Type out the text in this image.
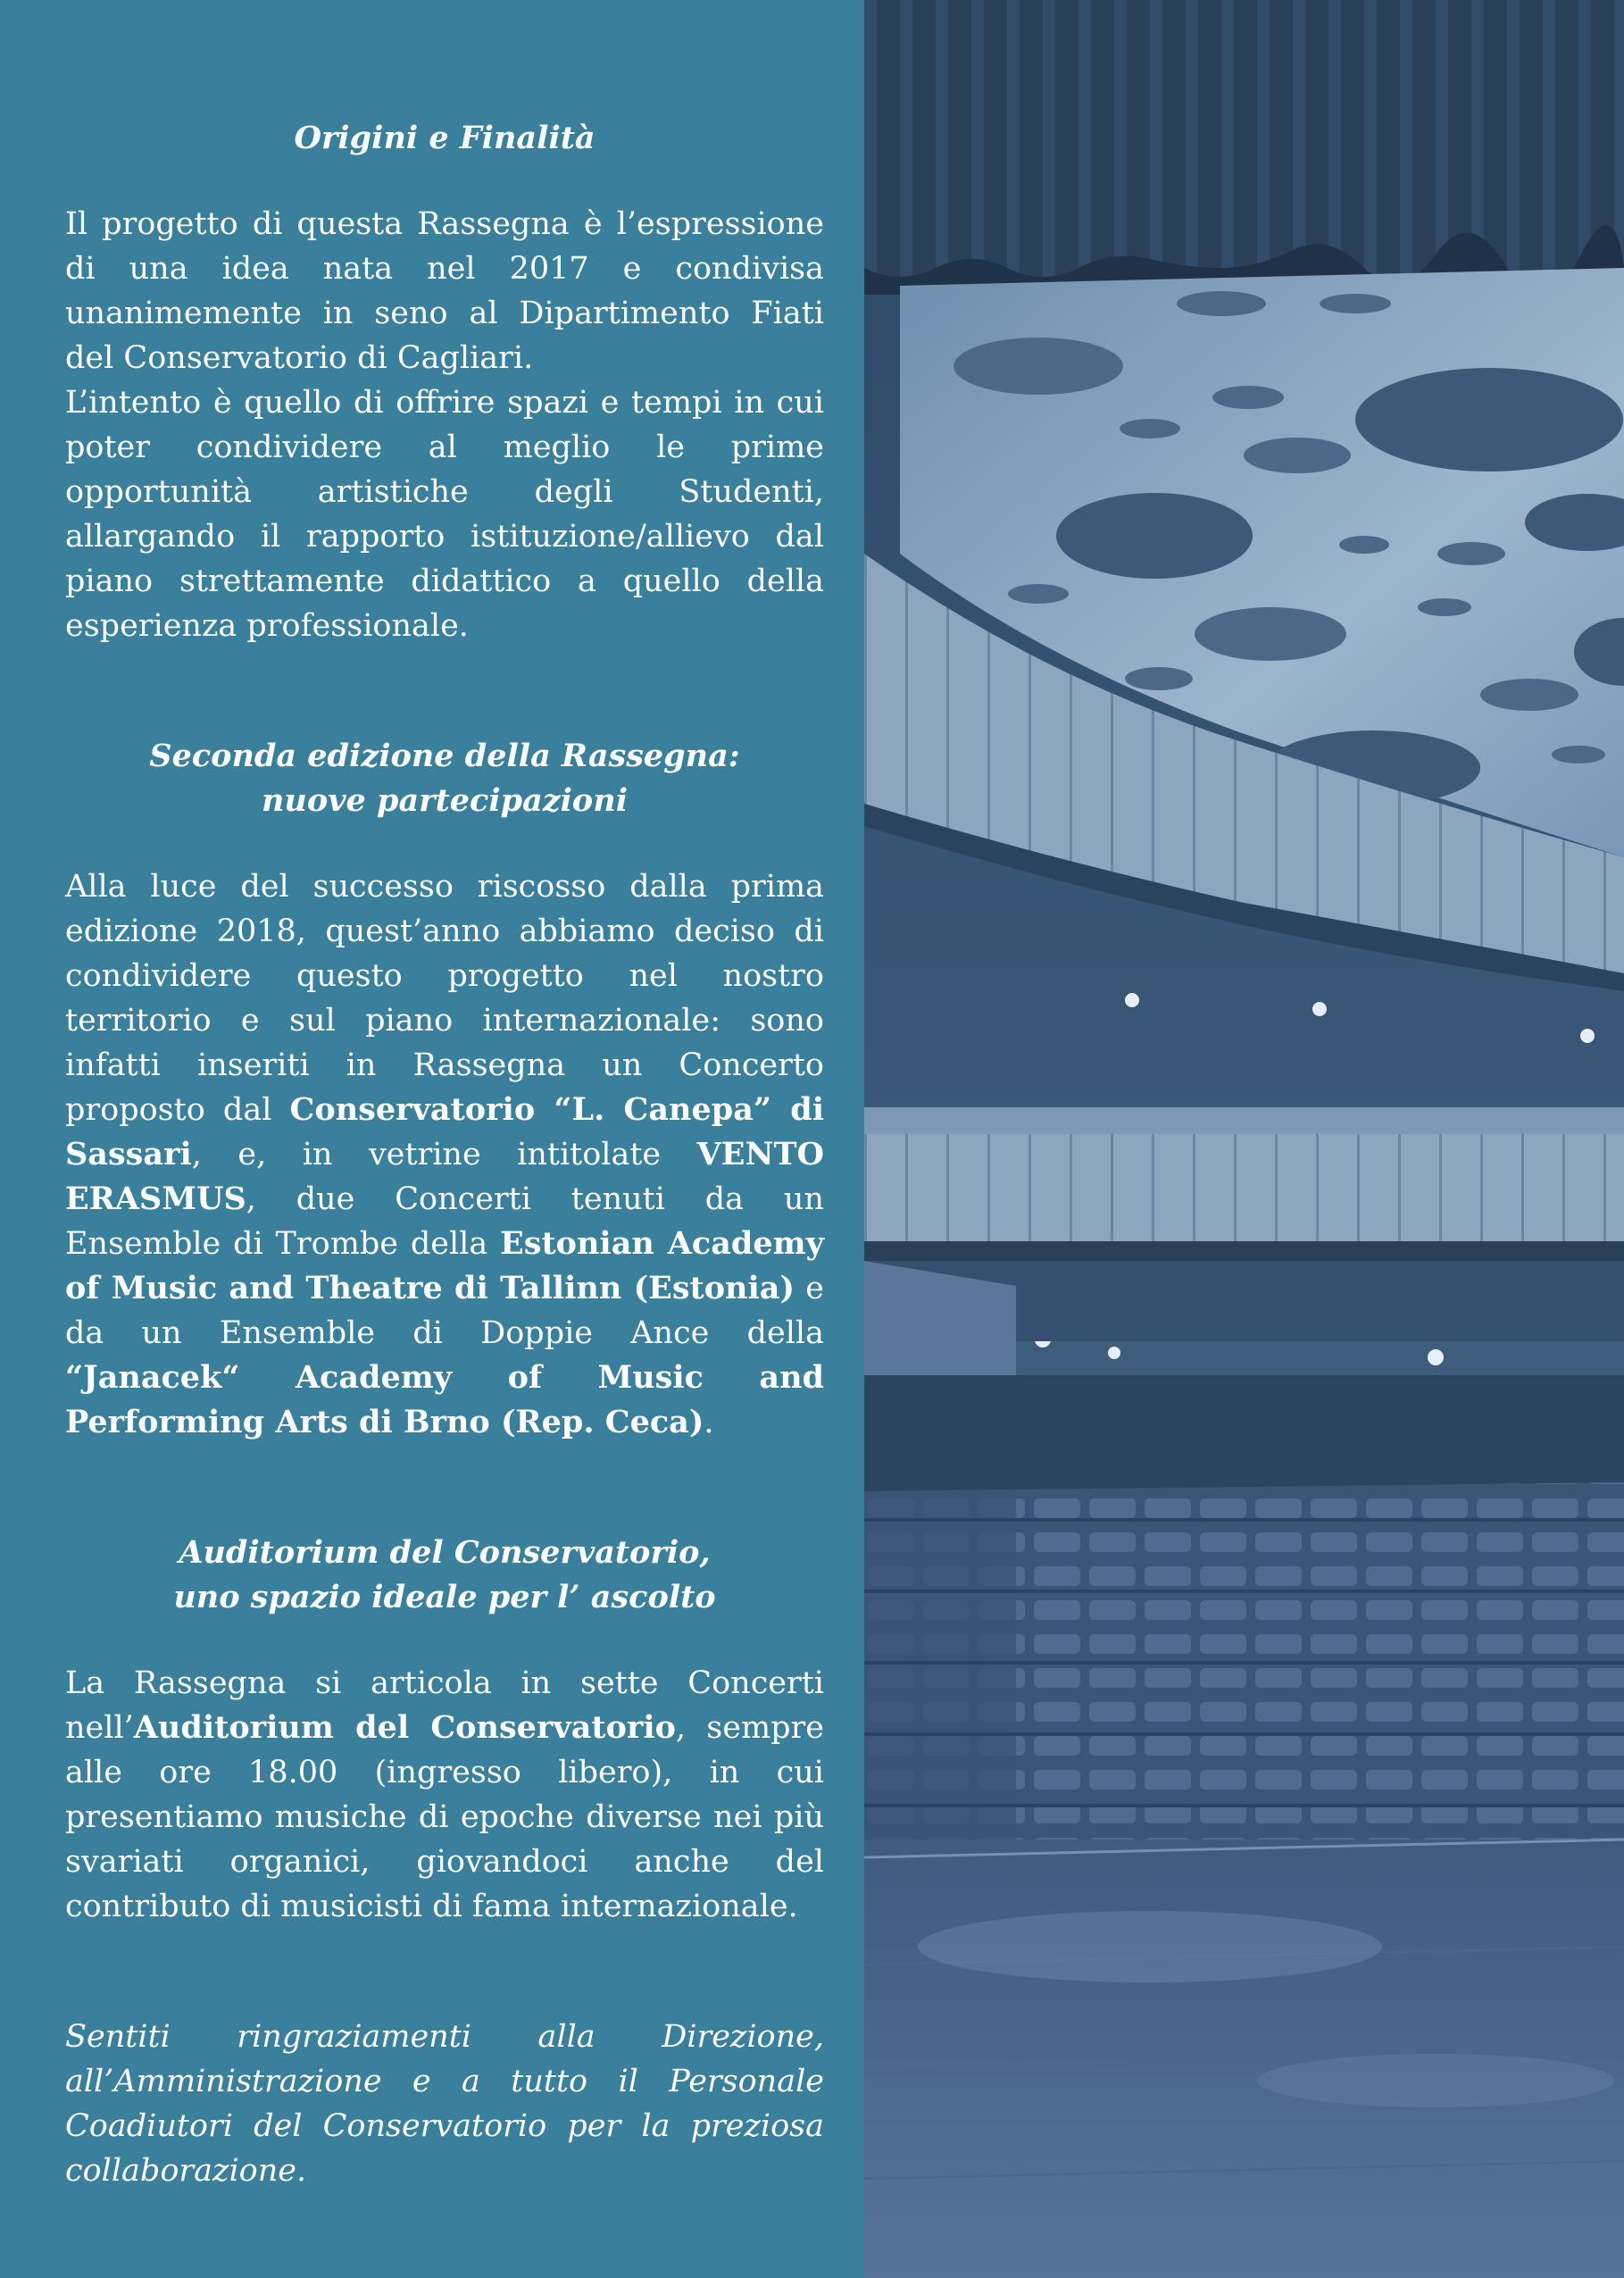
Origini e Finalità

Il progetto di questa Rassegna è l’espressione di una idea nata nel 2017 e condivisa unanimemente in seno al Dipartimento Fiati del Conservatorio di Cagliari.

L’intento è quello di offrire spazi e tempi in cui poter condividere al meglio le prime opportunità artistiche degli Studenti, allargando il rapporto istituzione/allievo dal piano strettamente didattico a quello della esperienza professionale.

Seconda edizione della Rassegna:

nuove partecipazioni

Alla luce del successo riscosso dalla prima edizione 2018, quest’anno abbiamo deciso di condividere questo progetto nel nostro territorio e sul piano internazionale: sono infatti inseriti in Rassegna un Concerto proposto dal Conservatorio “L. Canepa” di Sassari, e, in vetrine intitolate VENTO ERASMUS, due Concerti tenuti da un Ensemble di Trombe della Estonian Academy of Music and Theatre di Tallinn (Estonia) e da un Ensemble di Doppie Ance della “Janacek“ Academy of Music and Performing Arts di Brno (Rep. Ceca).

Auditorium del Conservatorio,

uno spazio ideale per l’ ascolto

La Rassegna si articola in sette Concerti nell’Auditorium del Conservatorio, sempre alle ore 18.00 (ingresso libero), in cui presentiamo musiche di epoche diverse nei più svariati organici, giovandoci anche del contributo di musicisti di fama internazionale.

Sentiti ringraziamenti alla Direzione, all’Amministrazione e a tutto il Personale Coadiutori del Conservatorio per la preziosa collaborazione.
